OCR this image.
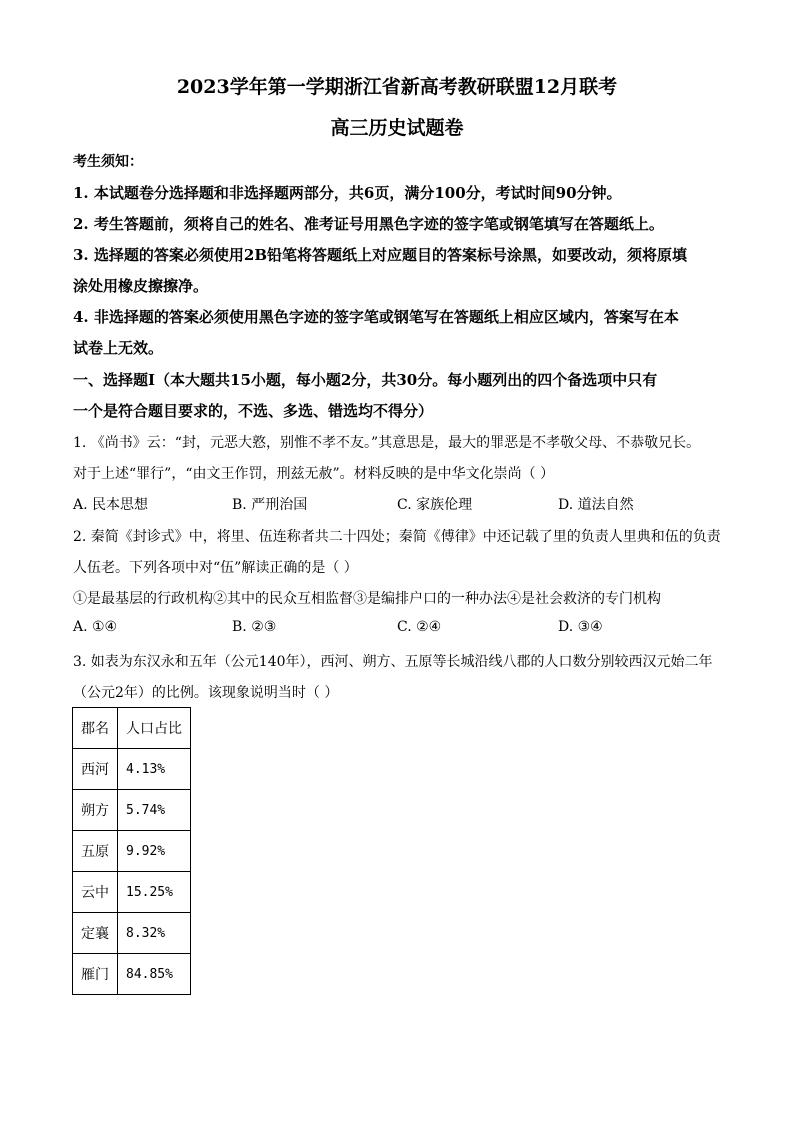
2023学年第一学期浙江省新高考教研联盟12月联考
高三历史试题卷
考生须知：
1. 本试题卷分选择题和非选择题两部分，共6页，满分100分，考试时间90分钟。
2. 考生答题前，须将自己的姓名、准考证号用黑色字迹的签字笔或钢笔填写在答题纸上。
3. 选择题的答案必须使用2B铅笔将答题纸上对应题目的答案标号涂黑，如要改动，须将原填
涂处用橡皮擦擦净。
4. 非选择题的答案必须使用黑色字迹的签字笔或钢笔写在答题纸上相应区域内，答案写在本
试卷上无效。
一、选择题Ⅰ（本大题共15小题，每小题2分，共30分。每小题列出的四个备选项中只有
一个是符合题目要求的，不选、多选、错选均不得分）
1. 《尚书》云：“封，元恶大憝，别惟不孝不友。”其意思是，最大的罪恶是不孝敬父母、不恭敬兄长。
对于上述“罪行”，“由文王作罚，刑兹无赦”。材料反映的是中华文化崇尚（ ）
A. 民本思想	B. 严刑治国	C. 家族伦理	D. 道法自然
2. 秦简《封诊式》中，将里、伍连称者共二十四处；秦简《傅律》中还记载了里的负责人里典和伍的负责
人伍老。下列各项中对“伍”解读正确的是（ ）
①是最基层的行政机构②其中的民众互相监督③是编排户口的一种办法④是社会救济的专门机构
A. ①④	B. ②③	C. ②④	D. ③④
3. 如表为东汉永和五年（公元140年），西河、朔方、五原等长城沿线八郡的人口数分别较西汉元始二年
（公元2年）的比例。该现象说明当时（ ）
郡名	人口占比
西河	4.13%
朔方	5.74%
五原	9.92%
云中	15.25%
定襄	8.32%
雁门	84.85%
